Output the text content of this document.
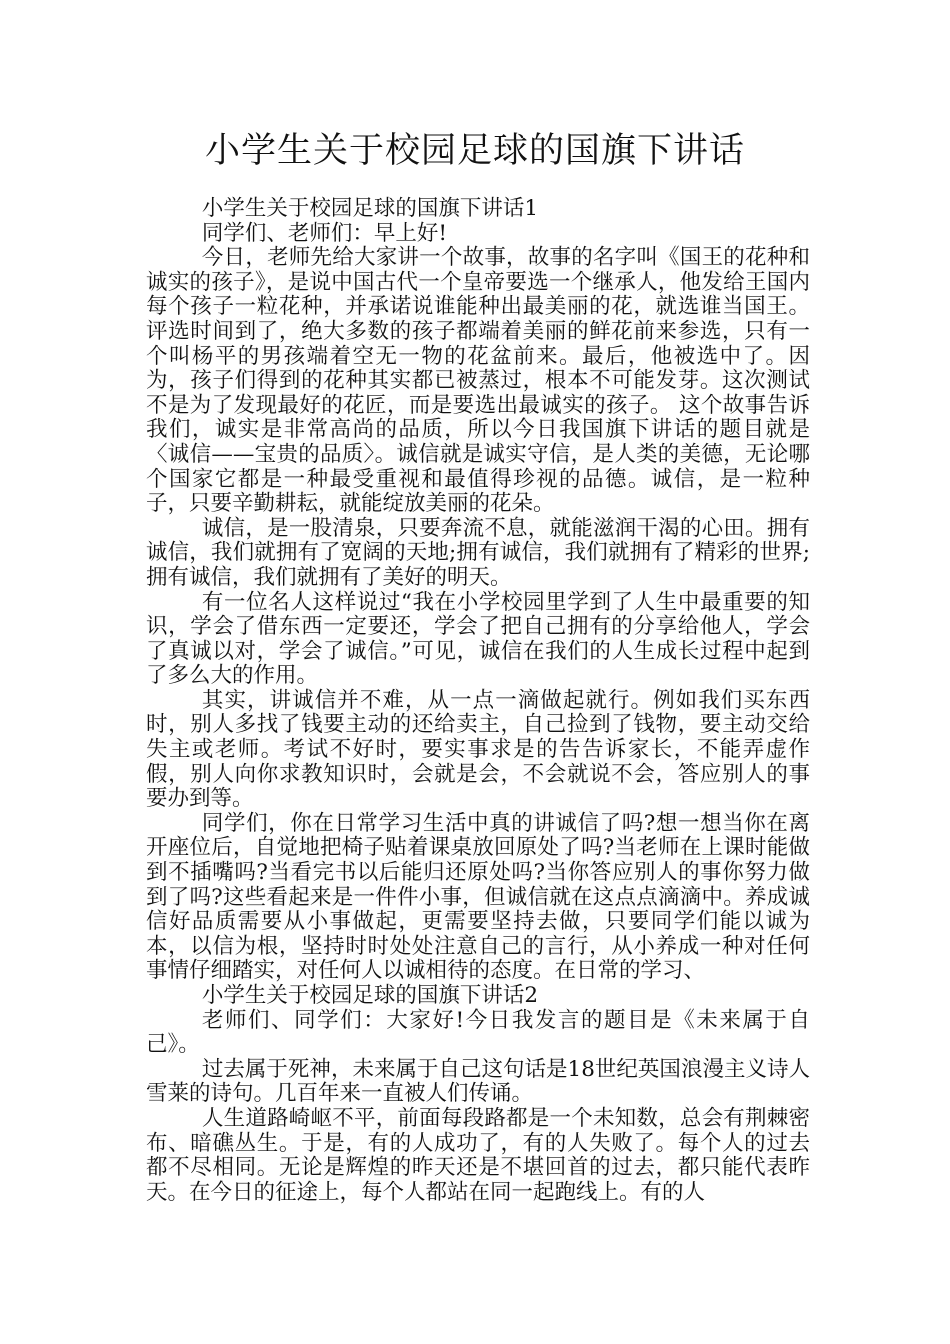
小学生关于校园足球的国旗下讲话

小学生关于校园足球的国旗下讲话1

同学们、老师们：早上好!

今日，老师先给大家讲一个故事，故事的名字叫《国王的花种和诚实的孩子》，是说中国古代一个皇帝要选一个继承人，他发给王国内每个孩子一粒花种，并承诺说谁能种出最美丽的花，就选谁当国王。 评选时间到了，绝大多数的孩子都端着美丽的鲜花前来参选，只有一个叫杨平的男孩端着空无一物的花盆前来。最后，他被选中了。因为，孩子们得到的花种其实都已被蒸过，根本不可能发芽。这次测试不是为了发现最好的花匠，而是要选出最诚实的孩子。 这个故事告诉我们，诚实是非常高尚的品质，所以今日我国旗下讲话的题目就是〈诚信——宝贵的品质〉。诚信就是诚实守信，是人类的美德，无论哪个国家它都是一种最受重视和最值得珍视的品德。诚信，是一粒种子，只要辛勤耕耘，就能绽放美丽的花朵。

诚信，是一股清泉，只要奔流不息，就能滋润干渴的心田。拥有诚信，我们就拥有了宽阔的天地;拥有诚信，我们就拥有了精彩的世界;拥有诚信，我们就拥有了美好的明天。

有一位名人这样说过“我在小学校园里学到了人生中最重要的知识，学会了借东西一定要还，学会了把自己拥有的分享给他人，学会了真诚以对，学会了诚信。”可见，诚信在我们的人生成长过程中起到了多么大的作用。

其实，讲诚信并不难，从一点一滴做起就行。例如我们买东西时，别人多找了钱要主动的还给卖主，自己捡到了钱物，要主动交给失主或老师。考试不好时，要实事求是的告告诉家长，不能弄虚作假，别人向你求教知识时，会就是会，不会就说不会，答应别人的事要办到等。

同学们，你在日常学习生活中真的讲诚信了吗?想一想当你在离开座位后，自觉地把椅子贴着课桌放回原处了吗?当老师在上课时能做到不插嘴吗?当看完书以后能归还原处吗?当你答应别人的事你努力做到了吗?这些看起来是一件件小事，但诚信就在这点点滴滴中。养成诚信好品质需要从小事做起，更需要坚持去做，只要同学们能以诚为本，以信为根，坚持时时处处注意自己的言行，从小养成一种对任何事情仔细踏实，对任何人以诚相待的态度。在日常的学习、

小学生关于校园足球的国旗下讲话2

老师们、同学们：大家好!今日我发言的题目是《未来属于自己》。

过去属于死神，未来属于自己这句话是18世纪英国浪漫主义诗人雪莱的诗句。几百年来一直被人们传诵。

人生道路崎岖不平，前面每段路都是一个未知数，总会有荆棘密布、暗礁丛生。于是，有的人成功了，有的人失败了。每个人的过去都不尽相同。无论是辉煌的昨天还是不堪回首的过去，都只能代表昨天。在今日的征途上，每个人都站在同一起跑线上。有的人
